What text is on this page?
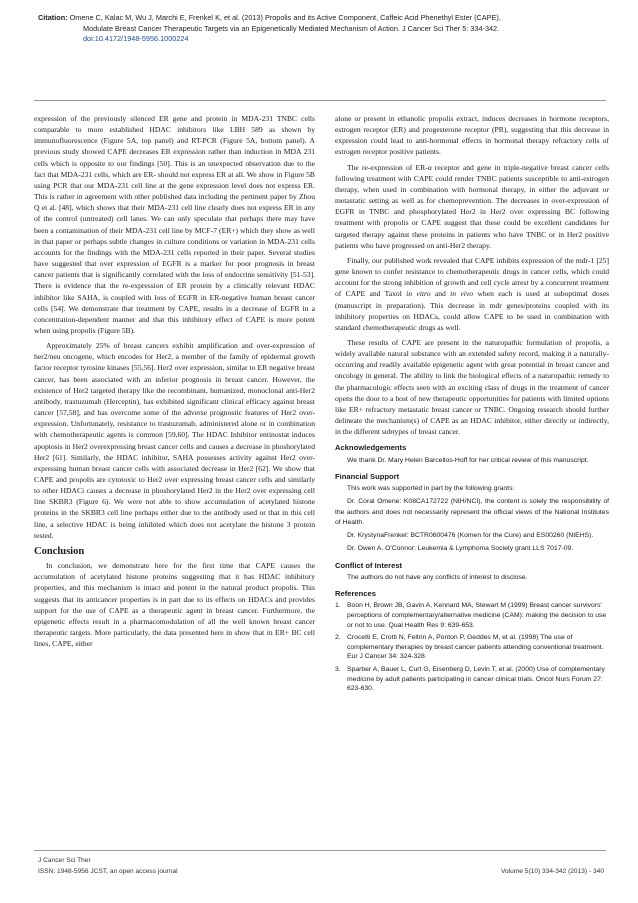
Citation: Omene C, Kalac M, Wu J, Marchi E, Frenkel K, et al. (2013) Propolis and its Active Component, Caffeic Acid Phenethyl Ester (CAPE),
Modulate Breast Cancer Therapeutic Targets via an Epigenetically Mediated Mechanism of Action. J Cancer Sci Ther 5: 334-342.
doi:10.4172/1948-5956.1000224

expression of the previously silenced ER gene and protein in MDA-231 TNBC cells comparable to more established HDAC inhibitors like LBH 589 as shown by immunofluorescence (Figure 5A, top panel) and RT-PCR (Figure 5A, bottom panel). A previous study showed CAPE decreases ER expression rather than induction in MDA 231 cells which is opposite to our findings [50]. This is an unexpected observation due to the fact that MDA-231 cells, which are ER- should not express ER at all. We show in Figure 5B using PCR that our MDA-231 cell line at the gene expression level does not express ER. This is rather in agreement with other published data including the pertinent paper by Zhou Q et al. [48], which shows that their MDA-231 cell line clearly does not express ER in any of the control (untreated) cell lanes. We can only speculate that perhaps there may have been a contamination of their MDA-231 cell line by MCF-7 (ER+) which they show as well in that paper or perhaps subtle changes in culture conditions or variation in MDA-231 cells accounts for the findings with the MDA-231 cells reported in their paper. Several studies have suggested that over expression of EGFR is a marker for poor prognosis in breast cancer patients that is significantly correlated with the loss of endocrine sensitivity [51-53]. There is evidence that the re-expression of ER protein by a clinically relevant HDAC inhibitor like SAHA, is coupled with loss of EGFR in ER-negative human breast cancer cells [54]. We demonstrate that treatment by CAPE, results in a decrease of EGFR in a concentration-dependent manner and that this inhibitory effect of CAPE is more potent when using propolis (Figure 5B).

Approximately 25% of breast cancers exhibit amplification and over-expression of her2/neu oncogene, which encodes for Her2, a member of the family of epidermal growth factor receptor tyrosine kinases [55,56]. Her2 over expression, similar to ER negative breast cancer, has been associated with an inferior prognosis in breast cancer. However, the existence of Her2 targeted therapy like the recombinant, humanized, monoclonal anti-Her2 antibody, trastuzumab (Herceptin), has exhibited significant clinical efficacy against breast cancer [57,58], and has overcome some of the adverse prognostic features of Her2 over-expression. Unfortunately, resistance to trastuzumab, administered alone or in combination with chemotherapeutic agents is common [59,60]. The HDAC Inhibitor entinostat induces apoptosis in Her2 overexpressing breast cancer cells and causes a decrease in phoshorylated Her2 [61]. Similarly, the HDAC inhibitor, SAHA possesses activity against Her2 over-expressing human breast cancer cells with associated decrease in Her2 [62]. We show that CAPE and propolis are cytotoxic to Her2 over expressing breast cancer cells and similarly to other HDACi causes a decrease in phoshorylated Her2 in the Her2 over expressing cell line SKBR3 (Figure 6). We were not able to show accumulation of acetylated histone proteins in the SKBR3 cell line perhaps either due to the antibody used or that in this cell line, a selective HDAC is being inhibited which does not acetylate the histone 3 protein tested.

Conclusion

In conclusion, we demonstrate here for the first time that CAPE causes the accumulation of acetylated histone proteins suggesting that it has HDAC inhibitory properties, and this mechanism is intact and potent in the natural product propolis. This suggests that its anticancer properties is in part due to its effects on HDACs and provides support for the use of CAPE as a therapeutic agent in breast cancer. Furthermore, the epigenetic effects result in a pharmacomodulation of all the well known breast cancer therapeutic targets. More particularly, the data presented here in show that in ER+ BC cell lines, CAPE, either

alone or present in ethanolic propolis extract, induces decreases in hormone receptors, estrogen receptor (ER) and progesterone receptor (PR), suggesting that this decrease in expression could lead to anti-hormonal effects in hormonal therapy refractory cells of estrogen receptor positive patients.

The re-expression of ER-α receptor and gene in triple-negative breast cancer cells following treatment with CAPE could render TNBC patients susceptible to anti-estrogen therapy, when used in combination with hormonal therapy, in either the adjuvant or metastatic setting as well as for chemoprevention. The decreases in over-expression of EGFR in TNBC and phosphorylated Her2 in Her2 over expressing BC following treatment with propolis or CAPE suggest that these could be excellent candidates for targeted therapy against these proteins in patients who have TNBC or in Her2 positive patients who have progressed on anti-Her2 therapy.

Finally, our published work revealed that CAPE inhibits expression of the mdr-1 [25] gene known to confer resistance to chemotherapeutic drugs in cancer cells, which could account for the strong inhibition of growth and cell cycle arrest by a concurrent treatment of CAPE and Taxol in vitro and in vivo when each is used at suboptimal doses (manuscript in preparation). This decrease in mdr genes/proteins coupled with its inhibitory properties on HDACs, could allow CAPE to be used in combination with standard chemotherapeutic drugs as well.

These results of CAPE are present in the naturopathic formulation of propolis, a widely available natural substance with an extended safety record, making it a naturally-occurring and readily available epigenetic agent with great potential in breast cancer and oncology in general. The ability to link the biological effects of a naturopathic remedy to the pharmacologic effects seen with an exciting class of drugs in the treatment of cancer opens the door to a host of new therapeutic opportunities for patients with limited options like ER+ refractory metastatic breast cancer or TNBC. Ongoing research should further delineate the mechanism(s) of CAPE as an HDAC inhibitor, either directly or indirectly, in the different subtypes of breast cancer.

Acknowledgements

We thank Dr. Mary Helen Barcellos-Hoff for her critical review of this manuscript.

Financial Support

This work was supported in part by the following grants:

Dr. Coral Omene: K08CA172722 (NIH/NCI), the content is solely the responsibility of the authors and does not necessarily represent the official views of the National Institutes of Health.

Dr. KrystynaFrenkel: BCTR0600476 (Komen for the Cure) and ES00260 (NIEHS).

Dr. Owen A. O'Connor: Leukemia & Lymphoma Society grant LLS 7017-09.

Conflict of Interest

The authors do not have any conflicts of interest to disclose.

References
1. Boon H, Brown JB, Gavin A, Kennard MA, Stewart M (1999) Breast cancer survivors' perceptions of complementary/alternative medicine (CAM): making the decision to use or not to use. Qual Health Res 9: 639-653.
2. Crocetti E, Crotti N, Feltrin A, Ponton P, Geddes M, et al. (1998) The use of complementary therapies by breast cancer patients attending conventional treatment. Eur J Cancer 34: 324-328.
3. Sparber A, Bauer L, Curt G, Eisenberg D, Levin T, et al. (2000) Use of complementary medicine by adult patients participating in cancer clinical trials. Oncol Nurs Forum 27: 623-630.
J Cancer Sci Ther
ISSN: 1948-5956 JCST, an open access journal	Volume 5(10) 334-342 (2013) - 340
